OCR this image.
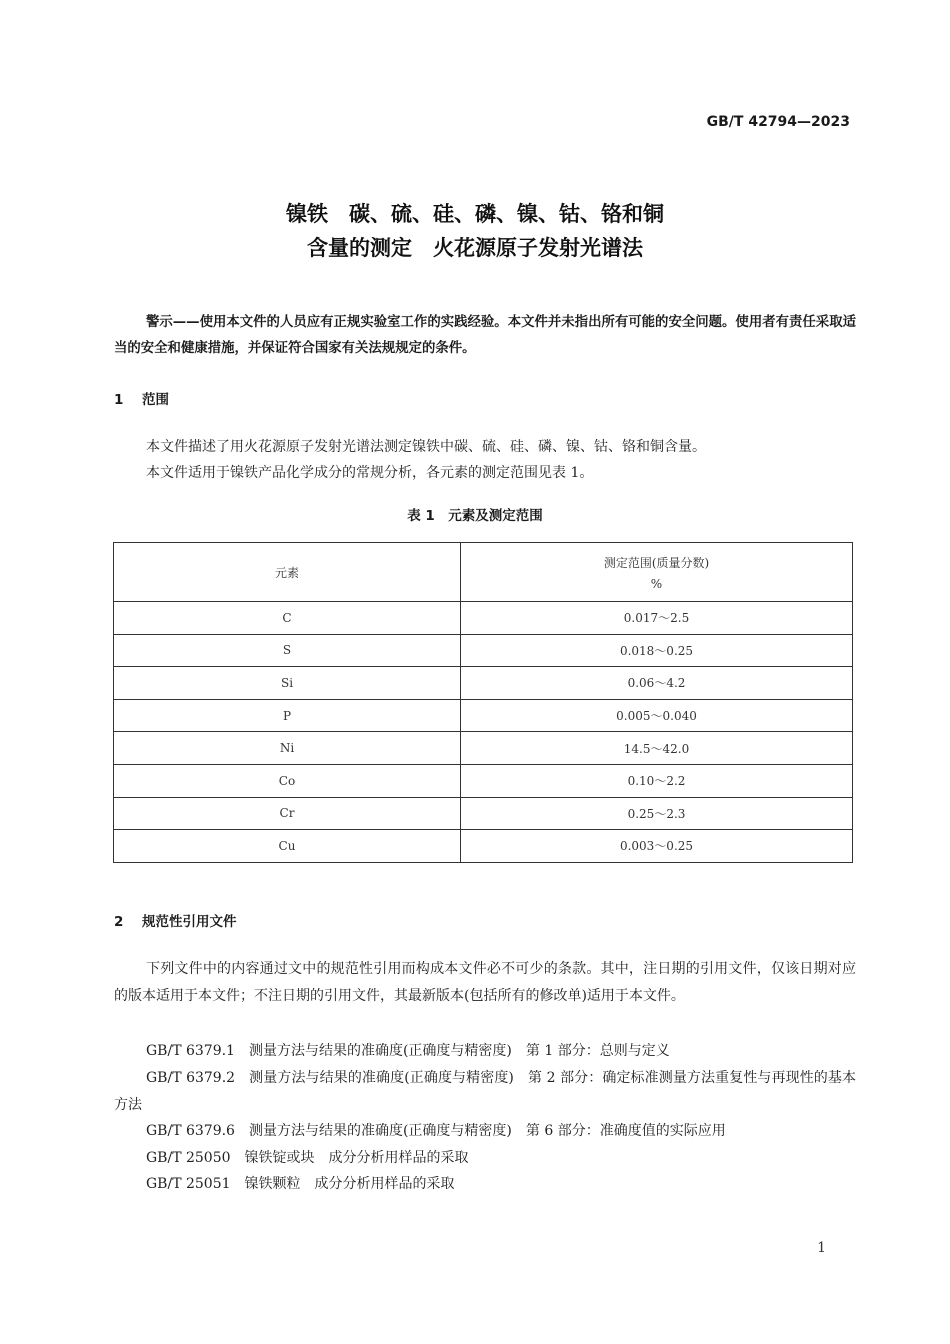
GB/T 42794—2023
镍铁　碳、硫、硅、磷、镍、钴、铬和铜
含量的测定　火花源原子发射光谱法
警示——使用本文件的人员应有正规实验室工作的实践经验。本文件并未指出所有可能的安全问题。使用者有责任采取适当的安全和健康措施，并保证符合国家有关法规规定的条件。
1 范围
本文件描述了用火花源原子发射光谱法测定镍铁中碳、硫、硅、磷、镍、钴、铬和铜含量。
本文件适用于镍铁产品化学成分的常规分析，各元素的测定范围见表 1。
表 1　元素及测定范围
元素	测定范围(质量分数)
%

C	0.017～2.5
S	0.018～0.25
Si	0.06～4.2
P	0.005～0.040
Ni	14.5～42.0
Co	0.10～2.2
Cr	0.25～2.3
Cu	0.003～0.25
2 规范性引用文件
下列文件中的内容通过文中的规范性引用而构成本文件必不可少的条款。其中，注日期的引用文件，仅该日期对应的版本适用于本文件；不注日期的引用文件，其最新版本(包括所有的修改单)适用于本文件。
GB/T 6379.1 测量方法与结果的准确度(正确度与精密度) 第 1 部分：总则与定义
GB/T 6379.2 测量方法与结果的准确度(正确度与精密度) 第 2 部分：确定标准测量方法重复性与再现性的基本方法
GB/T 6379.6 测量方法与结果的准确度(正确度与精密度) 第 6 部分：准确度值的实际应用
GB/T 25050 镍铁锭或块　成分分析用样品的采取
GB/T 25051 镍铁颗粒　成分分析用样品的采取
1
